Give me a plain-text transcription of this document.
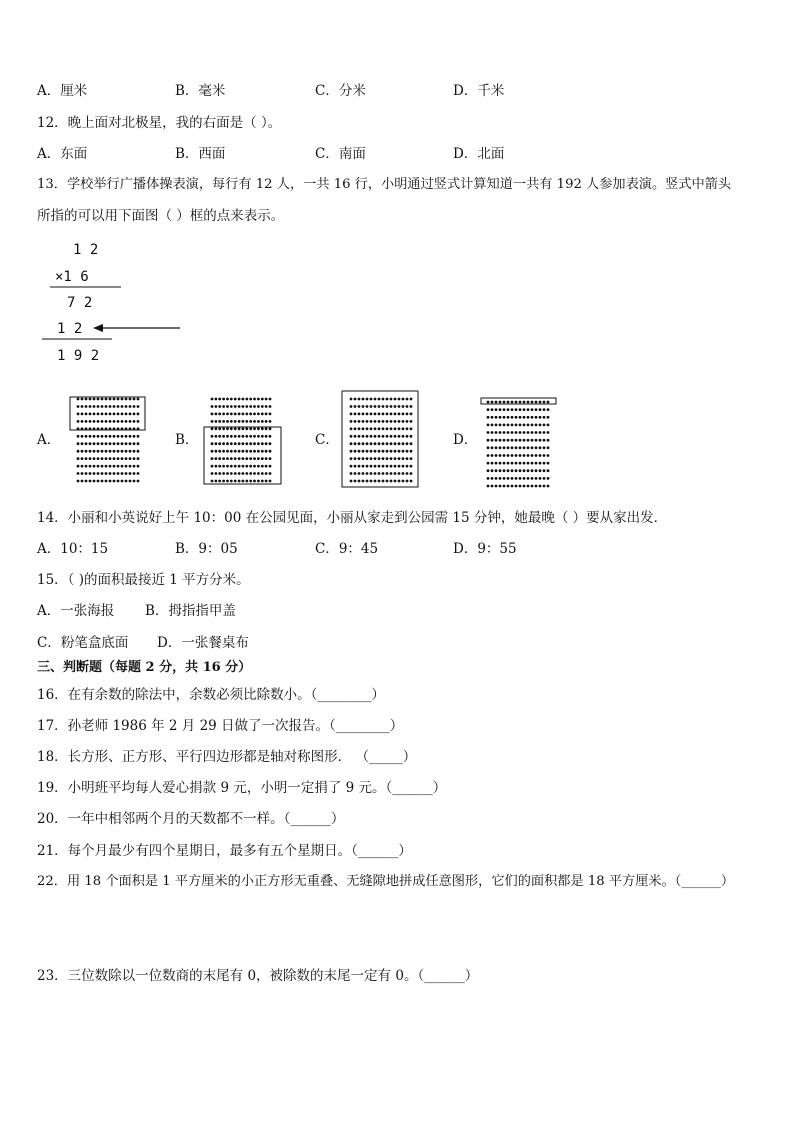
A．厘米	B．毫米	C．分米	D．千米
12．晚上面对北极星，我的右面是（ ）。
A．东面	B．西面	C．南面	D．北面
13．学校举行广播体操表演，每行有 12 人，一共 16 行，小明通过竖式计算知道一共有 192 人参加表演。竖式中箭头
所指的可以用下面图（ ）框的点来表示。
1 2
×1 6
7 2
1 2
1 9 2
A．	B．	C．	D．
14．小丽和小英说好上午 10：00 在公园见面，小丽从家走到公园需 15 分钟，她最晚（ ）要从家出发．
A．10：15	B．9：05	C．9：45	D．9：55
15．（ )的面积最接近 1 平方分米。
A．一张海报 B．拇指指甲盖
C．粉笔盒底面 D．一张餐桌布
三、判断题（每题 2 分，共 16 分）
16．在有余数的除法中，余数必须比除数小。（________）
17．孙老师 1986 年 2 月 29 日做了一次报告。（________）
18．长方形、正方形、平行四边形都是轴对称图形． （_____）
19．小明班平均每人爱心捐款 9 元，小明一定捐了 9 元。（______）
20．一年中相邻两个月的天数都不一样。（______）
21．每个月最少有四个星期日，最多有五个星期日。（______）
22．用 18 个面积是 1 平方厘米的小正方形无重叠、无缝隙地拼成任意图形，它们的面积都是 18 平方厘米。（______）
23．三位数除以一位数商的末尾有 0，被除数的末尾一定有 0。（______）
